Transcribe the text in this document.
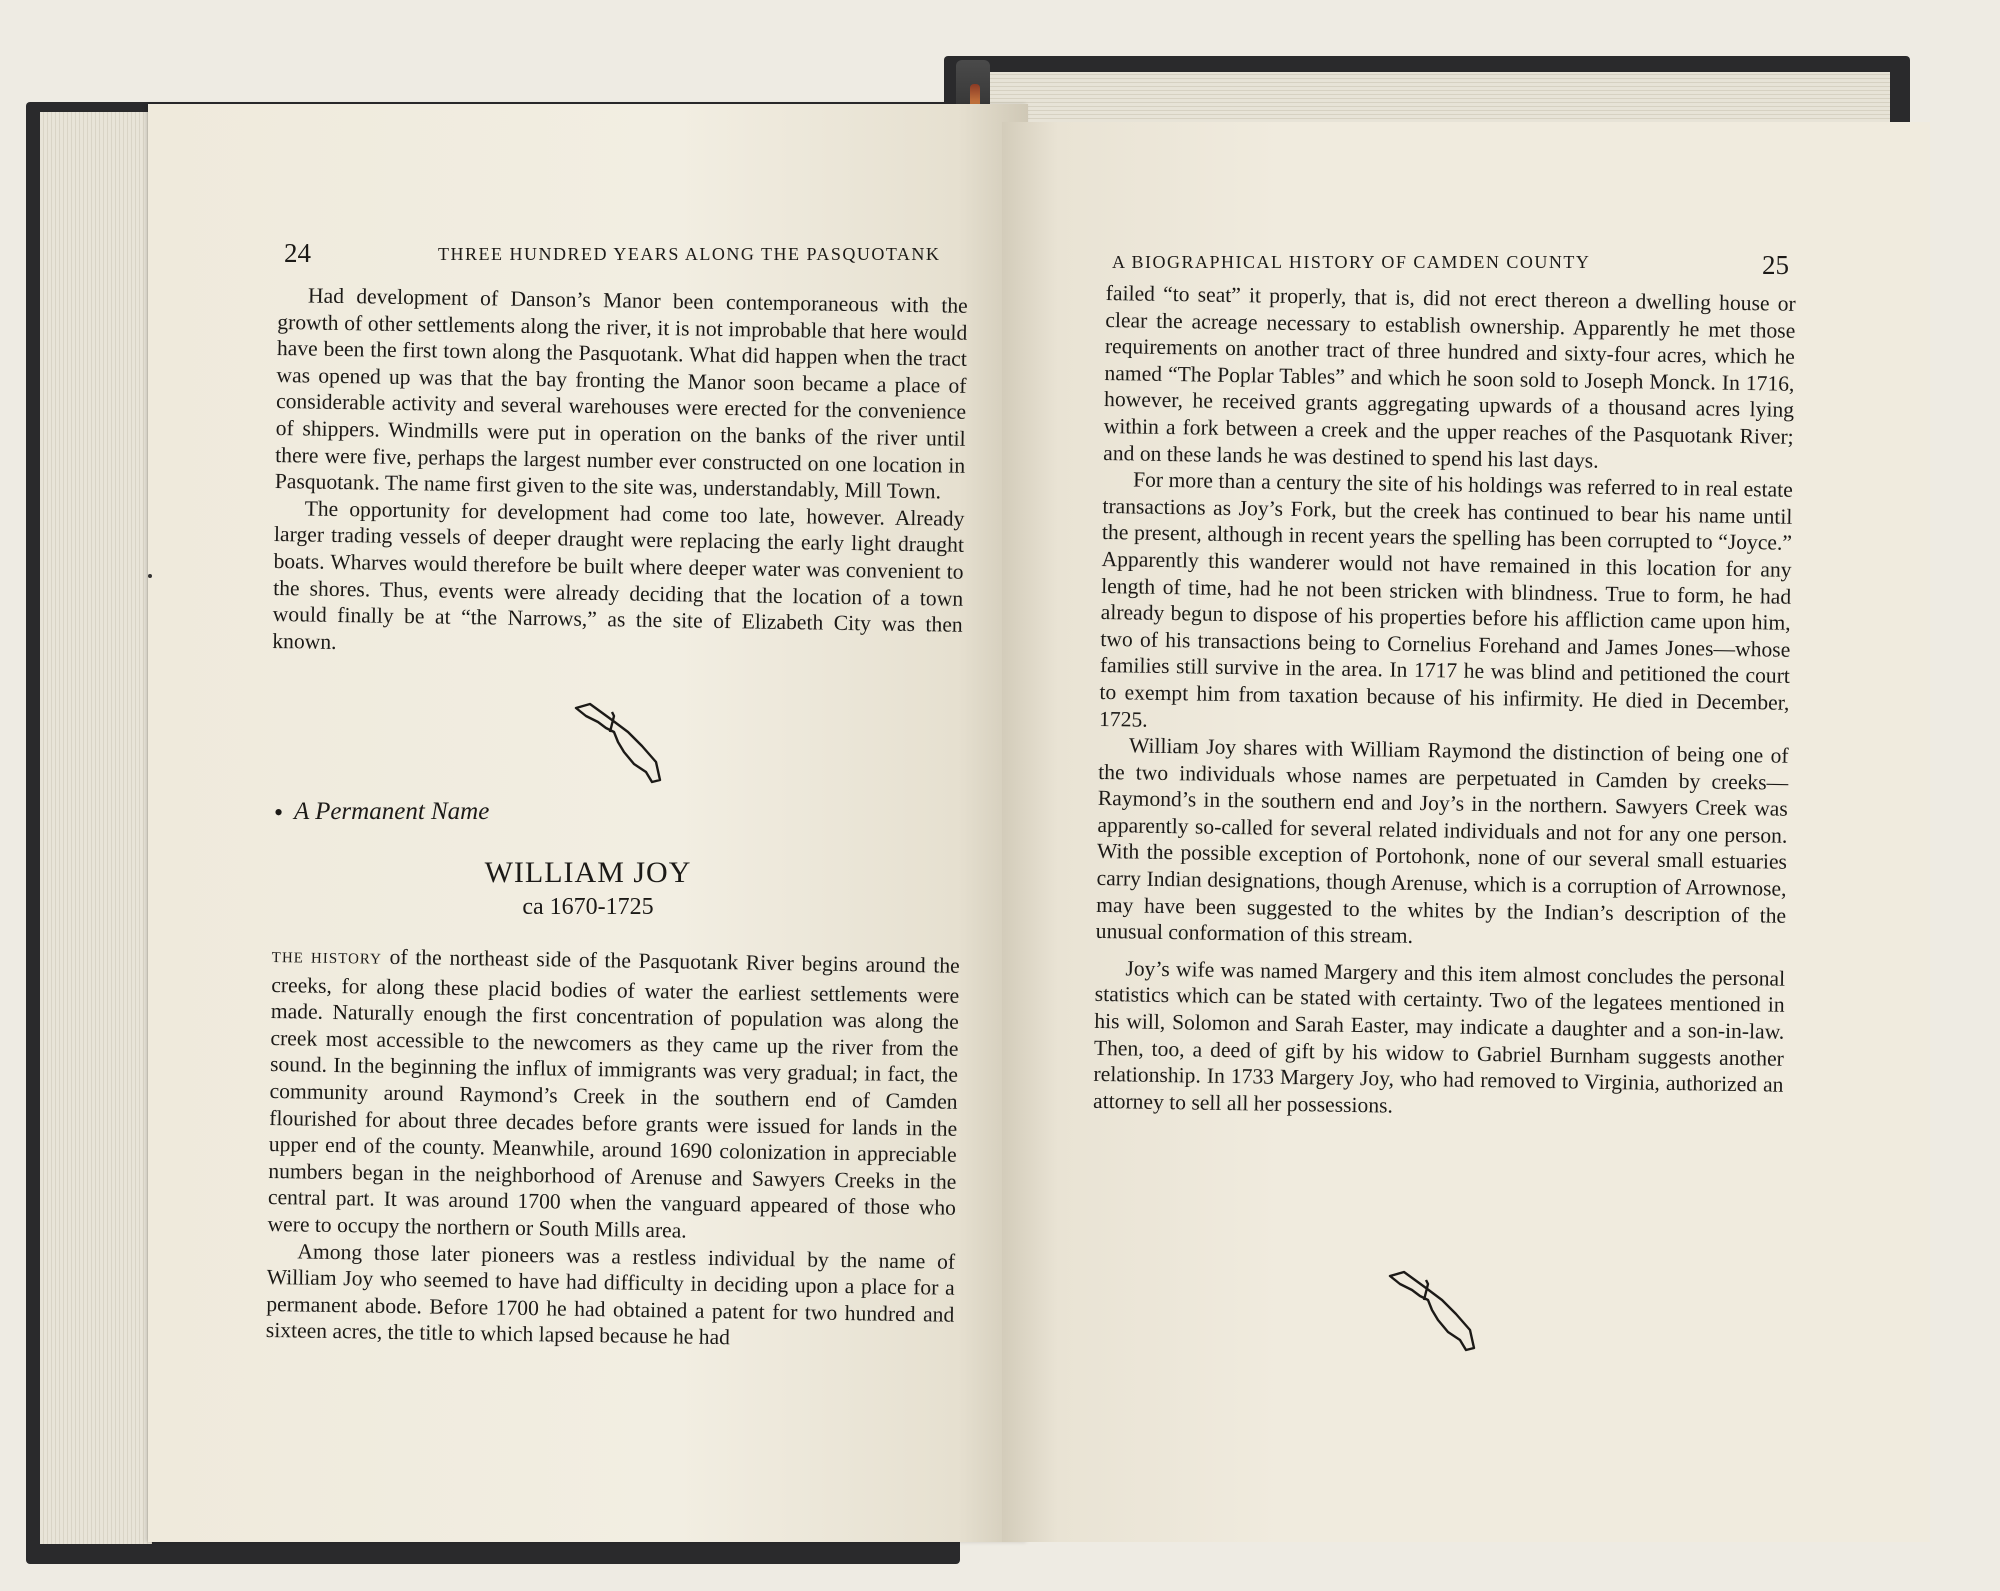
24	THREE HUNDRED YEARS ALONG THE PASQUOTANK

Had development of Danson’s Manor been contemporaneous with the growth of other settlements along the river, it is not improbable that here would have been the first town along the Pasquotank. What did happen when the tract was opened up was that the bay fronting the Manor soon became a place of considerable activity and several warehouses were erected for the convenience of shippers. Windmills were put in operation on the banks of the river until there were five, perhaps the largest number ever constructed on one location in Pasquotank. The name first given to the site was, understandably, Mill Town.

The opportunity for development had come too late, however. Already larger trading vessels of deeper draught were replacing the early light draught boats. Wharves would therefore be built where deeper water was convenient to the shores. Thus, events were already deciding that the location of a town would finally be at “the Narrows,” as the site of Elizabeth City was then known.

• A Permanent Name
WILLIAM JOY
ca 1670-1725

THE HISTORY of the northeast side of the Pasquotank River begins around the creeks, for along these placid bodies of water the earliest settlements were made. Naturally enough the first concentration of population was along the creek most accessible to the newcomers as they came up the river from the sound. In the beginning the influx of immigrants was very gradual; in fact, the community around Raymond’s Creek in the southern end of Camden flourished for about three decades before grants were issued for lands in the upper end of the county. Meanwhile, around 1690 colonization in appreciable numbers began in the neighborhood of Arenuse and Sawyers Creeks in the central part. It was around 1700 when the vanguard appeared of those who were to occupy the northern or South Mills area.

Among those later pioneers was a restless individual by the name of William Joy who seemed to have had difficulty in deciding upon a place for a permanent abode. Before 1700 he had obtained a patent for two hundred and sixteen acres, the title to which lapsed because he had

A BIOGRAPHICAL HISTORY OF CAMDEN COUNTY	25

failed “to seat” it properly, that is, did not erect thereon a dwelling house or clear the acreage necessary to establish ownership. Apparently he met those requirements on another tract of three hundred and sixty-four acres, which he named “The Poplar Tables” and which he soon sold to Joseph Monck. In 1716, however, he received grants aggregating upwards of a thousand acres lying within a fork between a creek and the upper reaches of the Pasquotank River; and on these lands he was destined to spend his last days.

For more than a century the site of his holdings was referred to in real estate transactions as Joy’s Fork, but the creek has continued to bear his name until the present, although in recent years the spelling has been corrupted to “Joyce.” Apparently this wanderer would not have remained in this location for any length of time, had he not been stricken with blindness. True to form, he had already begun to dispose of his properties before his affliction came upon him, two of his transactions being to Cornelius Forehand and James Jones—whose families still survive in the area. In 1717 he was blind and petitioned the court to exempt him from taxation because of his infirmity. He died in December, 1725.

William Joy shares with William Raymond the distinction of being one of the two individuals whose names are perpetuated in Camden by creeks—Raymond’s in the southern end and Joy’s in the northern. Sawyers Creek was apparently so-called for several related individuals and not for any one person. With the possible exception of Portohonk, none of our several small estuaries carry Indian designations, though Arenuse, which is a corruption of Arrownose, may have been suggested to the whites by the Indian’s description of the unusual conformation of this stream.

Joy’s wife was named Margery and this item almost concludes the personal statistics which can be stated with certainty. Two of the legatees mentioned in his will, Solomon and Sarah Easter, may indicate a daughter and a son-in-law. Then, too, a deed of gift by his widow to Gabriel Burnham suggests another relationship. In 1733 Margery Joy, who had removed to Virginia, authorized an attorney to sell all her possessions.
